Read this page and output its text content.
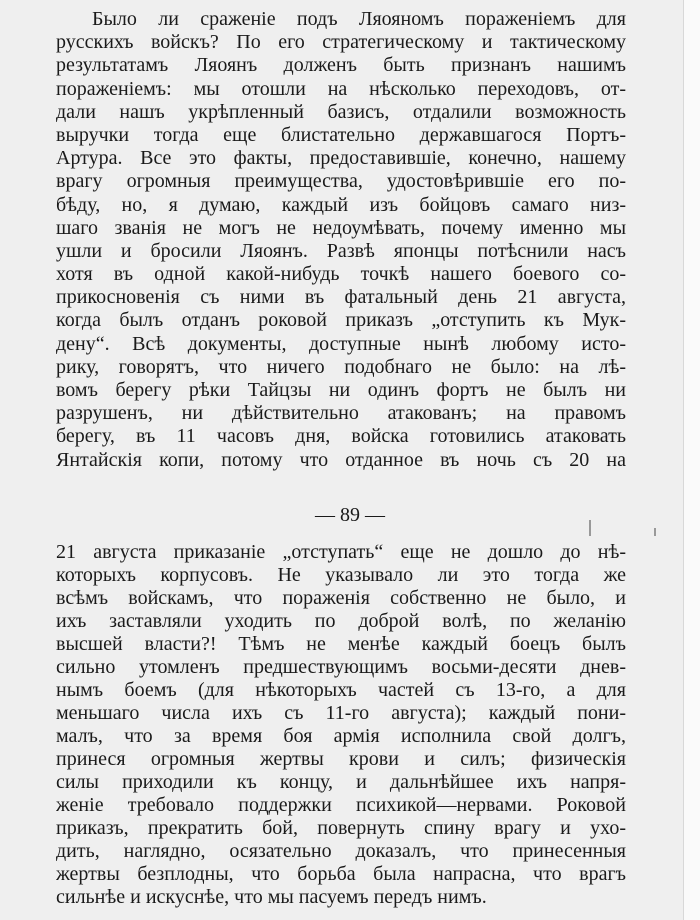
Было ли сраженіе подъ Ляояномъ пораженіемъ для
русскихъ войскъ? По его стратегическому и тактическому
результатамъ Ляоянъ долженъ быть признанъ нашимъ
пораженіемъ: мы отошли на нѣсколько переходовъ, от-
дали нашъ укрѣпленный базисъ, отдалили возможность
выручки тогда еще блистательно державшагося Портъ-
Артура. Все это факты, предоставившіе, конечно, нашему
врагу огромныя преимущества, удостовѣрившіе его по-
бѣду, но, я думаю, каждый изъ бойцовъ самаго низ-
шаго званія не могъ не недоумѣвать, почему именно мы
ушли и бросили Ляоянъ. Развѣ японцы потѣснили насъ
хотя въ одной какой-нибудь точкѣ нашего боевого со-
прикосновенія съ ними въ фатальный день 21 августа,
когда былъ отданъ роковой приказъ „отступить къ Мук-
дену“. Всѣ документы, доступные нынѣ любому исто-
рику, говорятъ, что ничего подобнаго не было: на лѣ-
вомъ берегу рѣки Тайцзы ни одинъ фортъ не былъ ни
разрушенъ, ни дѣйствительно атакованъ; на правомъ
берегу, въ 11 часовъ дня, войска готовились атаковать
Янтайскія копи, потому что отданное въ ночь съ 20 на
— 89 —
21 августа приказаніе „отступать“ еще не дошло до нѣ-
которыхъ корпусовъ. Не указывало ли это тогда же
всѣмъ войскамъ, что пораженія собственно не было, и
ихъ заставляли уходить по доброй волѣ, по желанію
высшей власти?! Тѣмъ не менѣе каждый боецъ былъ
сильно утомленъ предшествующимъ восьми-десяти днев-
нымъ боемъ (для нѣкоторыхъ частей съ 13-го, а для
меньшаго числа ихъ съ 11-го августа); каждый пони-
малъ, что за время боя армія исполнила свой долгъ,
принеся огромныя жертвы крови и силъ; физическія
силы приходили къ концу, и дальнѣйшее ихъ напря-
женіе требовало поддержки психикой—нервами. Роковой
приказъ, прекратить бой, повернуть спину врагу и ухо-
дить, наглядно, осязательно доказалъ, что принесенныя
жертвы безплодны, что борьба была напрасна, что врагъ
сильнѣе и искуснѣе, что мы пасуемъ передъ нимъ.
